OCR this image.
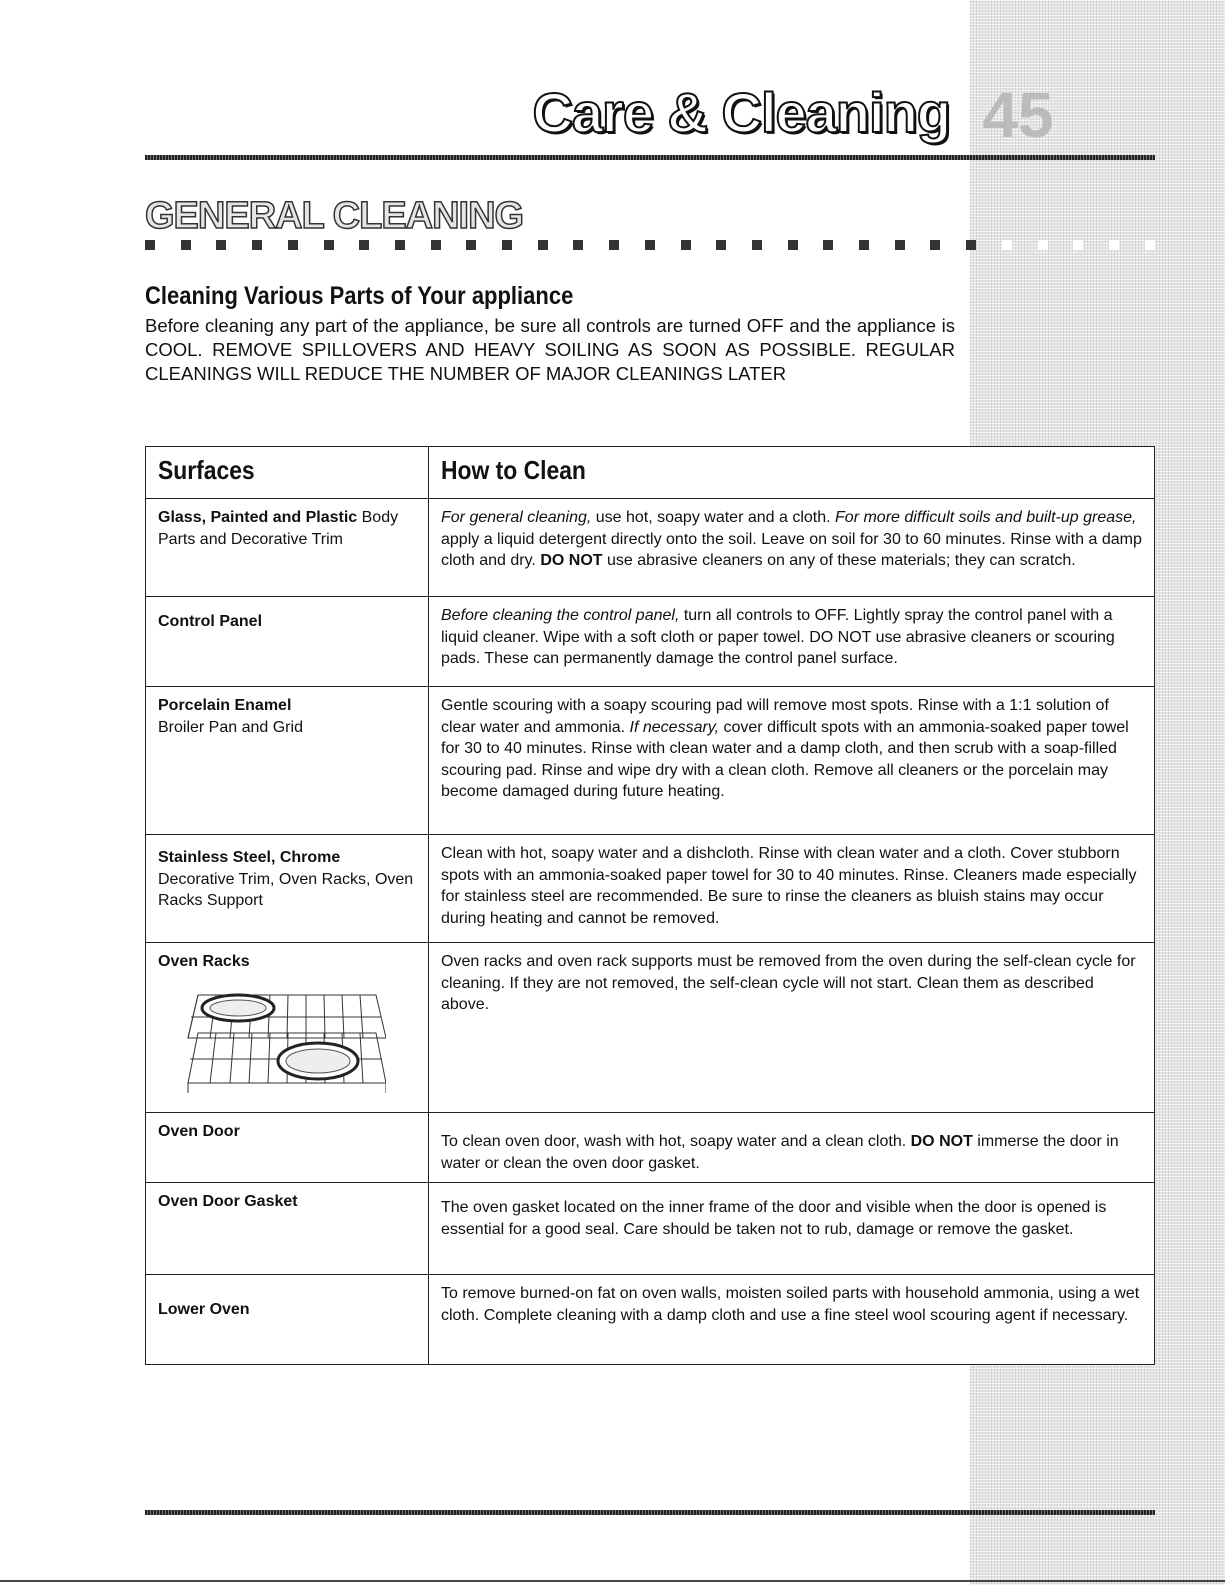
Care & Cleaning 45
GENERAL CLEANING
Cleaning Various Parts of Your appliance
Before cleaning any part of the appliance, be sure all controls are turned OFF and the appliance is COOL. REMOVE SPILLOVERS AND HEAVY SOILING AS SOON AS POSSIBLE. REGULAR CLEANINGS WILL REDUCE THE NUMBER OF MAJOR CLEANINGS LATER
Surfaces	How to Clean
Glass, Painted and Plastic Body Parts and Decorative Trim	For general cleaning, use hot, soapy water and a cloth. For more difficult soils and built-up grease, apply a liquid detergent directly onto the soil. Leave on soil for 30 to 60 minutes. Rinse with a damp cloth and dry. DO NOT use abrasive cleaners on any of these materials; they can scratch.

Control Panel	Before cleaning the control panel, turn all controls to OFF. Lightly spray the control panel with a liquid cleaner. Wipe with a soft cloth or paper towel. DO NOT use abrasive cleaners or scouring pads. These can permanently damage the control panel surface.

Porcelain Enamel
Broiler Pan and Grid	Gentle scouring with a soapy scouring pad will remove most spots. Rinse with a 1:1 solution of clear water and ammonia. If necessary, cover difficult spots with an ammonia-soaked paper towel for 30 to 40 minutes. Rinse with clean water and a damp cloth, and then scrub with a soap-filled scouring pad. Rinse and wipe dry with a clean cloth. Remove all cleaners or the porcelain may become damaged during future heating.

Stainless Steel, Chrome
Decorative Trim, Oven Racks, Oven Racks Support	Clean with hot, soapy water and a dishcloth. Rinse with clean water and a cloth. Cover stubborn spots with an ammonia-soaked paper towel for 30 to 40 minutes. Rinse. Cleaners made especially for stainless steel are recommended. Be sure to rinse the cleaners as bluish stains may occur during heating and cannot be removed.

Oven Racks	Oven racks and oven rack supports must be removed from the oven during the self-clean cycle for cleaning. If they are not removed, the self-clean cycle will not start. Clean them as described above.

Oven Door	To clean oven door, wash with hot, soapy water and a clean cloth. DO NOT immerse the door in water or clean the oven door gasket.

Oven Door Gasket	The oven gasket located on the inner frame of the door and visible when the door is opened is essential for a good seal. Care should be taken not to rub, damage or remove the gasket.

Lower Oven	To remove burned-on fat on oven walls, moisten soiled parts with household ammonia, using a wet cloth. Complete cleaning with a damp cloth and use a fine steel wool scouring agent if necessary.
